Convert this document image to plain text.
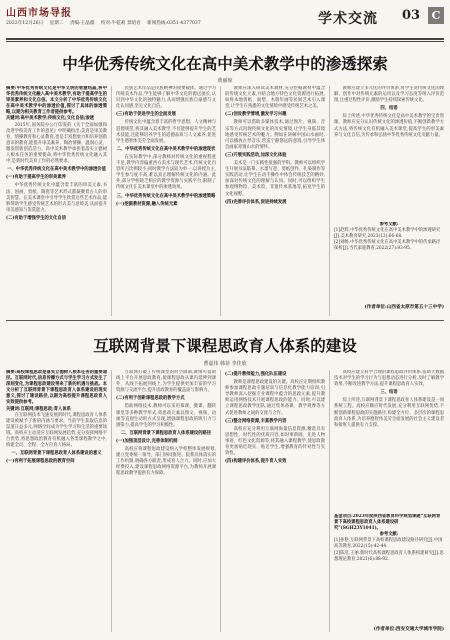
山西市场导报
2023年12月26日 星期二 责编:王晶薇 校对:牛乾莉 景昭君 新闻热线:0351-4377037	学术交流 03	C
中华优秀传统文化在高中美术教学中的渗透探索
黄丽琼

摘要:中华优秀传统文化是中华文明的智慧结晶,将中华优秀传统文化融入高中美术教学,有助于提高学生的审美素养和文化自信。本文分析了中华优秀传统文化在高中美术教学中的渗透价值,探讨了具体的渗透策略,以期为相关教育工作者提供参考。

关键词:高中美术教学;传统文化;文化自信;渗透

2015年,国务院办公厅印发的《关于全面加强和改进学校美育工作的意见》中明确指出:美育是审美教育、情操教育和心灵教育,也是丰富想象力和培养创新意识的教育,能提升审美素养、陶冶情操、温润心灵、激发创新创造活力。高中美术教学承担着落实立德树人根本任务的重要使命,将中华优秀传统文化融入其中,是新时代美育工作的必然要求。

一、中华优秀传统文化在高中美术教学中的渗透价值

(一)有助于提高学生的审美素养

中华优秀传统文化中蕴含着丰富的审美元素,书法、国画、剪纸、陶瓷等艺术形式都凝聚着古人的审美智慧。在美术课堂中引导学生欣赏这些艺术作品,能够帮助学生感受传统艺术的形式美与意境美,从而提升审美感知与鉴赏能力。

(二)有助于增强学生的文化自信

民族艺术作品是民族精神的重要载体。通过学习传统美术作品,学生能够了解中华文化的源远流长,认识到中华文化的独特魅力,从而增强民族自豪感与文化认同感,坚定文化自信。

(三)有助于促进学生的全面发展

传统文化中蕴含着丰富的哲学思想、人文精神与道德规范,将其融入美术教学,不仅能够提升学生的艺术技能,还能够培养学生的道德品质与人文素养,促进学生德智体美劳全面发展。

二、中华优秀传统文化在高中美术教学中的渗透现状

在实际教学中,部分教师对传统文化的重视程度不足,教学内容偏重西方美术与现代艺术,传统文化内容所占比例较小;同时教学方法较为单一,以讲授为主,学生参与度不高,难以真正理解传统文化的内涵。此外,部分学校缺乏相应的教学资源与实践平台,限制了传统文化在美术课堂中的渗透效果。

三、中华优秀传统文化在高中美术教学中的渗透策略

(一)挖掘教材资源,融入传统元素

教师应深入研读美术教材,充分挖掘教材中蕴含的传统文化元素,并结合地方特色文化资源进行拓展,如将本地剪纸、面塑、木版年画等民间艺术引入课堂,让学生在熟悉的文化情境中感受传统艺术之美。

(二)创设教学情境,激发学习兴趣

教师可以借助多媒体技术,通过图片、视频、音乐等方式再现传统文化的历史情境,让学生身临其境地感受传统艺术的魅力。例如在讲解中国山水画时,可以播放古琴音乐,营造宁静悠远的意境,引导学生体会画家寄情山水的情怀。

(三)开展实践活动,加深文化体验

美术是一门实践性很强的学科。教师可以组织学生开展书法临摹、水墨写意、剪纸创作、扎染制作等实践活动,让学生在动手操作中体会传统技艺的精妙,加深对传统文化的理解与认同。同时,可以组织学生参观博物馆、美术馆、非遗传承基地等,拓宽学生的文化视野。

(四)完善评价体系,促进持续发展

教师应建立多元化的评价体系,将学生对传统文化的理解、创作中对传统元素的运用以及学习态度等纳入评价范围,注重过程性评价,激励学生持续探索传统文化。

四、结语

综上所述,中华优秀传统文化是高中美术教学的宝贵资源。教师应充分认识传统文化的渗透价值,不断创新教学方式方法,将传统文化有机融入美术课堂,提高学生的审美素养与文化自信,为传承和弘扬中华优秀传统文化贡献力量。

参考文献:
[1]赵辉.中华优秀传统文化在高中美术教学中的渗透研究[J].美术教育研究,2023(12):66-68.
[2]刘畅.中华优秀传统文化在高中美术教学中的传承路径探析[J].当代家庭教育,2022(27):93-95.
(作者单位:山西省太原市第五十三中学)
互联网背景下课程思政育人体系的建设
曹嘉伟 韩菲 李佳欣

摘要:高校课程思政是落实立德树人根本任务的重要途径。互联网时代,信息传播方式与学生学习方式发生了深刻变化,为课程思政建设带来了新的机遇与挑战。本文分析了互联网背景下课程思政育人体系建设的现实意义,探讨了建设路径,以期为高校提升课程思政育人实效提供参考。

关键词:互联网;课程思政;育人体系

在互联网技术飞速发展的时代,课程思政育人体系建设被赋予了新的内涵与要求。当前学生获取信息的渠道日益多元,网络空间成为学生学习和生活的重要场域。高校应主动适应互联网发展趋势,充分发挥网络平台优势,将思想政治教育有机融入各类课程教学之中,构建全员、全程、全方位育人格局。

一、互联网背景下课程思政育人体系建设的意义

(一)有利于拓展课程思政的教育空间

互联网打破了传统课堂的时空限制,教师可借助线上平台开展思政教育,使课程思政从课内延伸到课外、从线下拓展到线上,为学生提供更加丰富的学习资源与交流平台,提升思政教育的覆盖面与影响力。

(二)有利于创新课程思政的教学方式

借助网络技术,教师可以采用慕课、微课、翻转课堂等多种教学形式,将思政元素以图文、视频、动画等直观生动的方式呈现,增强课程思政的吸引力与感染力,提高学生的学习积极性。

二、互联网背景下课程思政育人体系建设的路径

(一)加强顶层设计,完善体制机制

高校应将课程思政建设纳入学校整体发展规划,建立党委统一领导、部门协同推进、院系具体落实的工作机制,明确各方职责,形成育人合力。同时,应加大经费投入,建设课程思政网络资源平台,为教师开展课程思政教学提供有力保障。

(二)提升教师能力,强化队伍建设

教师是课程思政建设的关键。高校应定期组织教师参加课程思政专题培训与信息化教学能力培训,引导教师深入挖掘专业课程中蕴含的思政元素,提升教师运用网络技术开展课程思政的能力。同时,可以建立课程思政教学团队,通过集体备课、教学观摩等方式促进教师之间的交流与合作。

(三)整合网络资源,丰富教学内容

高校应充分利用互联网海量信息资源,精选具有思想性、时代性的优质内容,如时事新闻、先进人物事迹、红色文化资源等,将其融入课程教学,使思政教育更加贴近现实、贴近学生,增强教育的针对性与实效性。

(四)构建评价体系,提升育人实效

高校应建立科学合理的课程思政评价体系,借助大数据技术对学生的学习行为与思想动态进行分析,及时了解教学效果,不断改进教学方法,提升课程思政育人实效。

三、结语

综上所述,互联网背景下课程思政育人体系建设是一项系统工程。高校应顺应时代发展,充分利用互联网优势,不断创新课程思政的实施路径,构建全方位、多层次的课程思政育人体系,为培养德智体美劳全面发展的社会主义建设者和接班人提供有力支撑。

基金项目:2023年度陕西省教育科学规划课题“互联网背景下高校课程思政育人体系建设研究”(SGH23Y1041)。
参考文献:
[1]孙艳.互联网背景下高校课程思政建设路径研究[J].中国高等教育,2022(15):42-44.
[2]陈浩,王丽.新时代高校课程思政育人体系构建研究[J].思想理论教育,2021(6):88-92.
(作者单位:西安交通大学城市学院)
